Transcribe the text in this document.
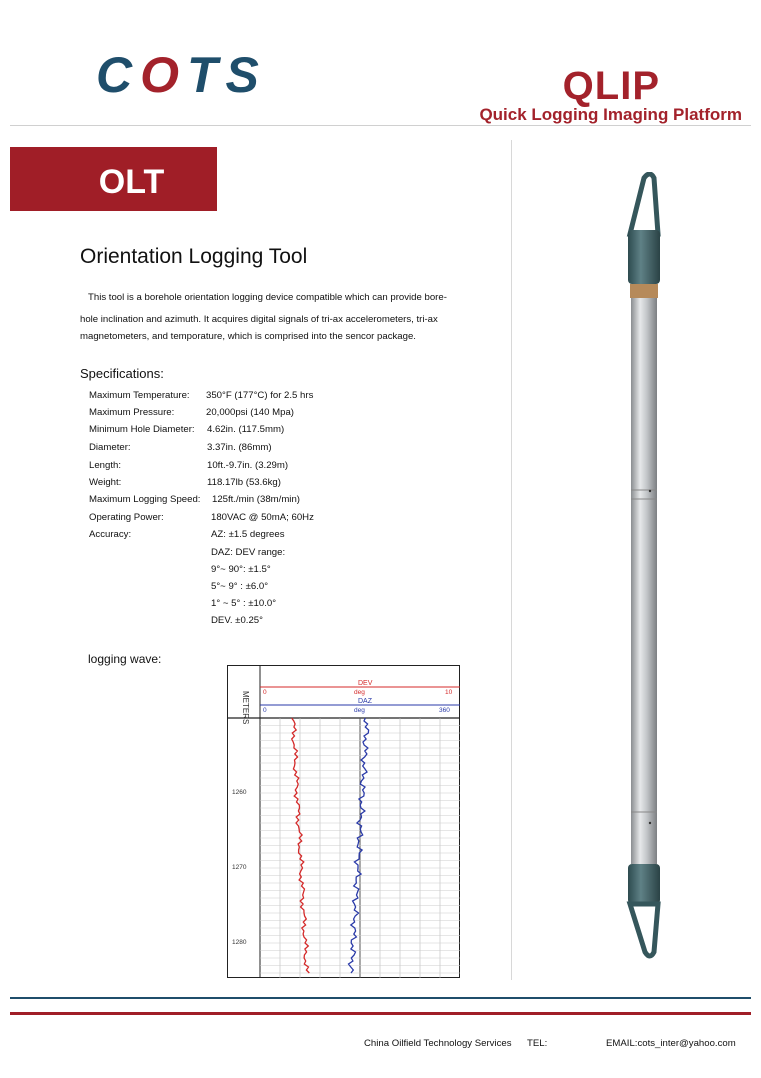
COTS	QLIP
Quick Logging Imaging Platform
OLT
Orientation Logging Tool
This tool is a borehole orientation logging device compatible which can provide bore-
hole inclination and azimuth. It acquires digital signals of tri-ax accelerometers, tri-ax
magnetometers, and temporature, which is comprised into the sencor package.
Specifications:
Maximum Temperature: 350°F (177°C) for 2.5 hrs
Maximum Pressure:	20,000psi (140 Mpa)
Minimum Hole Diameter: 4.62in. (117.5mm)
Diameter:	3.37in. (86mm)
Length:	10ft.-9.7in. (3.29m)
Weight:	118.17lb (53.6kg)
Maximum Logging Speed: 125ft./min (38m/min)
Operating Power:	180VAC @ 50mA; 60Hz
Accuracy:	AZ: ±1.5 degrees
DAZ: DEV range:
9°~ 90°: ±1.5°
5°~ 9° : ±6.0°
1° ~ 5° : ±10.0°
DEV. ±0.25°
logging wave:
METERS
DEV
0	deg	10
DAZ
0	deg	360
1260
1270
1280
China Oilfield Technology Services TEL:	EMAIL:cots_inter@yahoo.com
